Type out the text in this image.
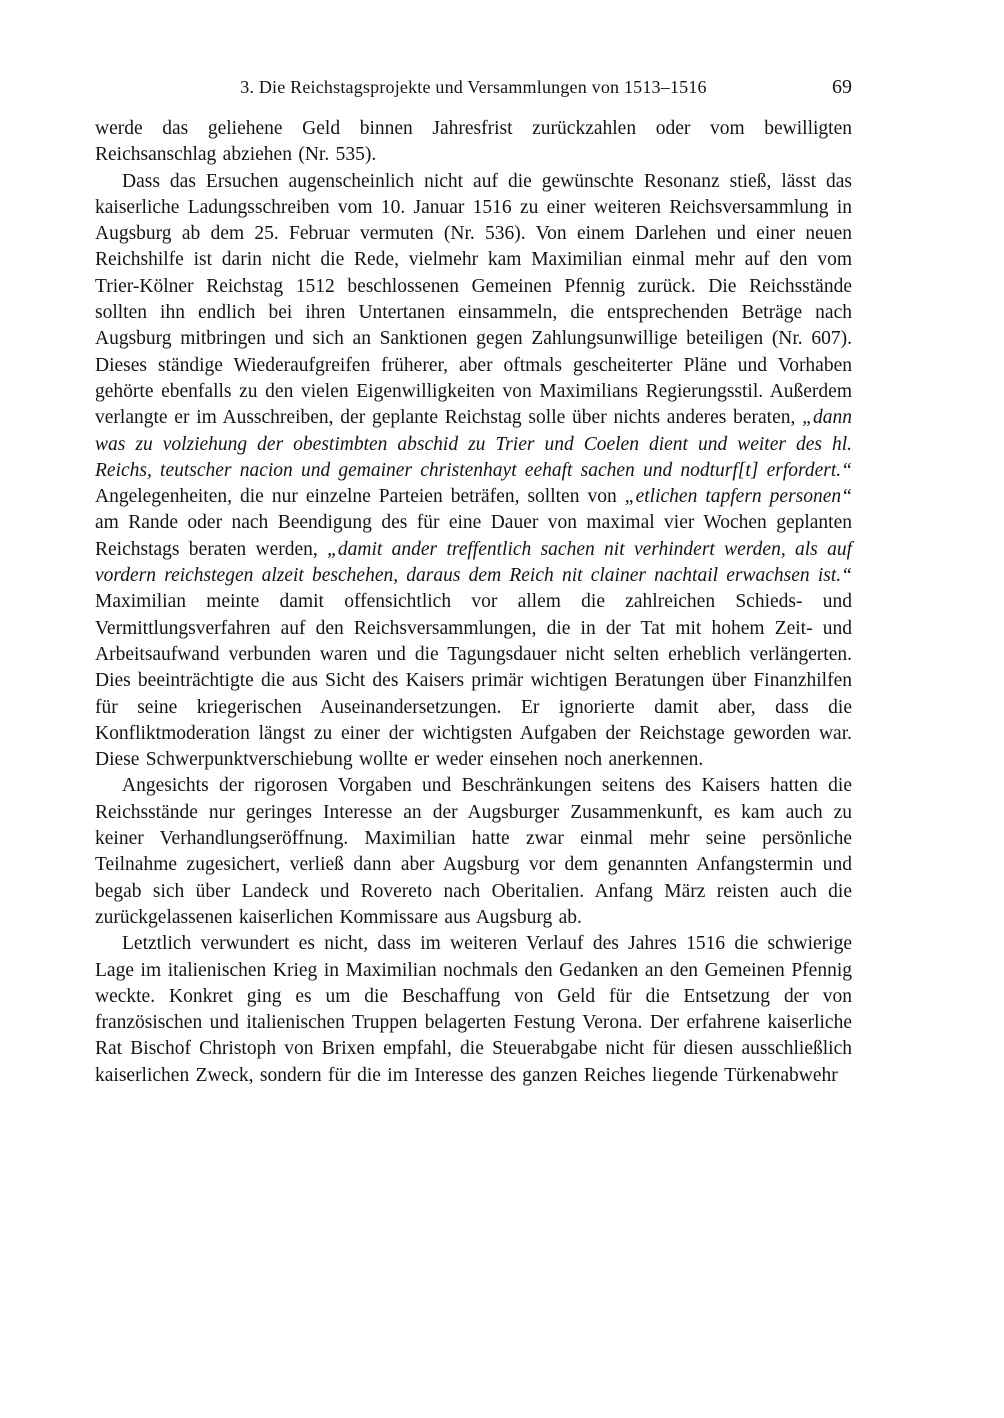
3. Die Reichstagsprojekte und Versammlungen von 1513–1516	69

werde das geliehene Geld binnen Jahresfrist zurückzahlen oder vom bewilligten Reichsanschlag abziehen (Nr. 535).

Dass das Ersuchen augenscheinlich nicht auf die gewünschte Resonanz stieß, lässt das kaiserliche Ladungsschreiben vom 10. Januar 1516 zu einer weiteren Reichsversammlung in Augsburg ab dem 25. Februar vermuten (Nr. 536). Von einem Darlehen und einer neuen Reichshilfe ist darin nicht die Rede, vielmehr kam Maximilian einmal mehr auf den vom Trier-Kölner Reichstag 1512 beschlossenen Gemeinen Pfennig zurück. Die Reichsstände sollten ihn endlich bei ihren Untertanen einsammeln, die entsprechenden Beträge nach Augsburg mitbringen und sich an Sanktionen gegen Zahlungsunwillige beteiligen (Nr. 607). Dieses ständige Wiederaufgreifen früherer, aber oftmals gescheiterter Pläne und Vorhaben gehörte ebenfalls zu den vielen Eigenwilligkeiten von Maximilians Regierungsstil. Außerdem verlangte er im Ausschreiben, der geplante Reichstag solle über nichts anderes beraten, „dann was zu volziehung der obestimbten abschid zu Trier und Coelen dient und weiter des hl. Reichs, teutscher nacion und gemainer christenhayt eehaft sachen und nodturf[t] erfordert.“ Angelegenheiten, die nur einzelne Parteien beträfen, sollten von „etlichen tapfern personen“ am Rande oder nach Beendigung des für eine Dauer von maximal vier Wochen geplanten Reichstags beraten werden, „damit ander treffentlich sachen nit verhindert werden, als auf vordern reichstegen alzeit beschehen, daraus dem Reich nit clainer nachtail erwachsen ist.“ Maximilian meinte damit offensichtlich vor allem die zahlreichen Schieds- und Vermittlungsverfahren auf den Reichsversammlungen, die in der Tat mit hohem Zeit- und Arbeitsaufwand verbunden waren und die Tagungsdauer nicht selten erheblich verlängerten. Dies beeinträchtigte die aus Sicht des Kaisers primär wichtigen Beratungen über Finanzhilfen für seine kriegerischen Auseinandersetzungen. Er ignorierte damit aber, dass die Konfliktmoderation längst zu einer der wichtigsten Aufgaben der Reichstage geworden war. Diese Schwerpunktverschiebung wollte er weder einsehen noch anerkennen.

Angesichts der rigorosen Vorgaben und Beschränkungen seitens des Kaisers hatten die Reichsstände nur geringes Interesse an der Augsburger Zusammenkunft, es kam auch zu keiner Verhandlungseröffnung. Maximilian hatte zwar einmal mehr seine persönliche Teilnahme zugesichert, verließ dann aber Augsburg vor dem genannten Anfangstermin und begab sich über Landeck und Rovereto nach Oberitalien. Anfang März reisten auch die zurückgelassenen kaiserlichen Kommissare aus Augsburg ab.

Letztlich verwundert es nicht, dass im weiteren Verlauf des Jahres 1516 die schwierige Lage im italienischen Krieg in Maximilian nochmals den Gedanken an den Gemeinen Pfennig weckte. Konkret ging es um die Beschaffung von Geld für die Entsetzung der von französischen und italienischen Truppen belagerten Festung Verona. Der erfahrene kaiserliche Rat Bischof Christoph von Brixen empfahl, die Steuerabgabe nicht für diesen ausschließlich kaiserlichen Zweck, sondern für die im Interesse des ganzen Reiches liegende Türkenabwehr
